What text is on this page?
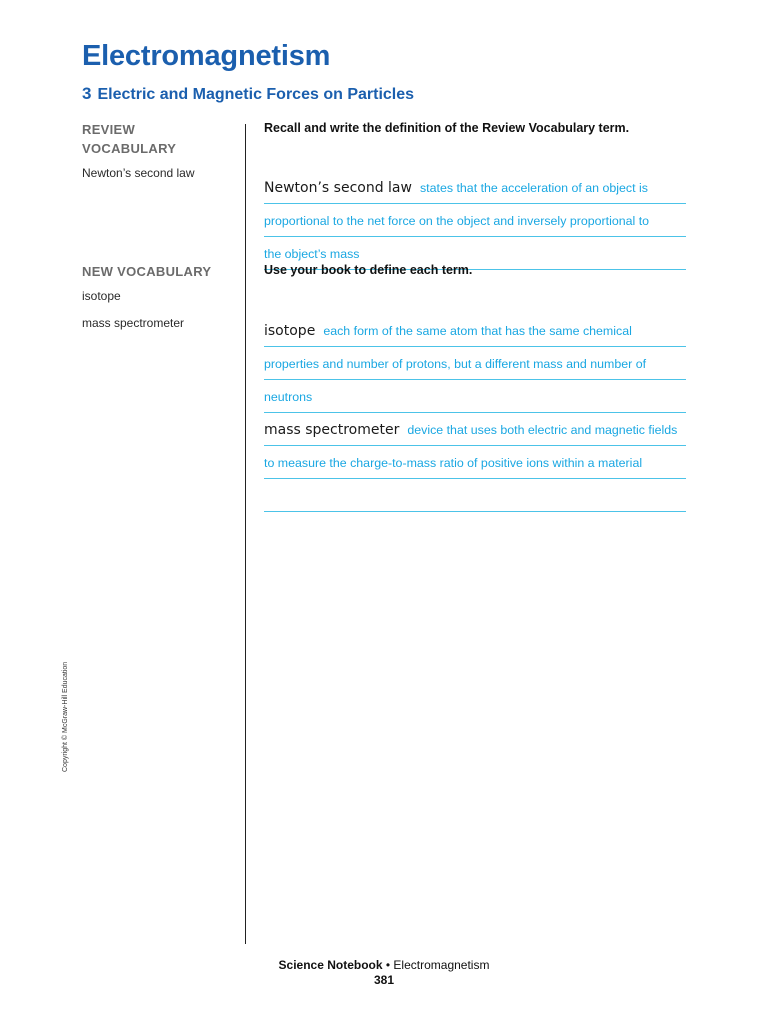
Electromagnetism
3 Electric and Magnetic Forces on Particles

REVIEW
VOCABULARY

Newton’s second law

NEW VOCABULARY

isotope

mass spectrometer

Recall and write the definition of the Review Vocabulary term.

Newton’s second law $_{states that the acceleration of an object is}$
$_{proportional to the net force on the object and inversely proportional to}$
$_{the object’s mass}$

Use your book to define each term.

isotope $_{each form of the same atom that has the same chemical}$
$_{properties and number of protons, but a different mass and number of}$
$_{neutrons}$
mass spectrometer $_{device that uses both electric and magnetic fields}$
$_{to measure the charge-to-mass ratio of positive ions within a material}$

Copyright © McGraw-Hill Education

Science Notebook • Electromagnetism

381
